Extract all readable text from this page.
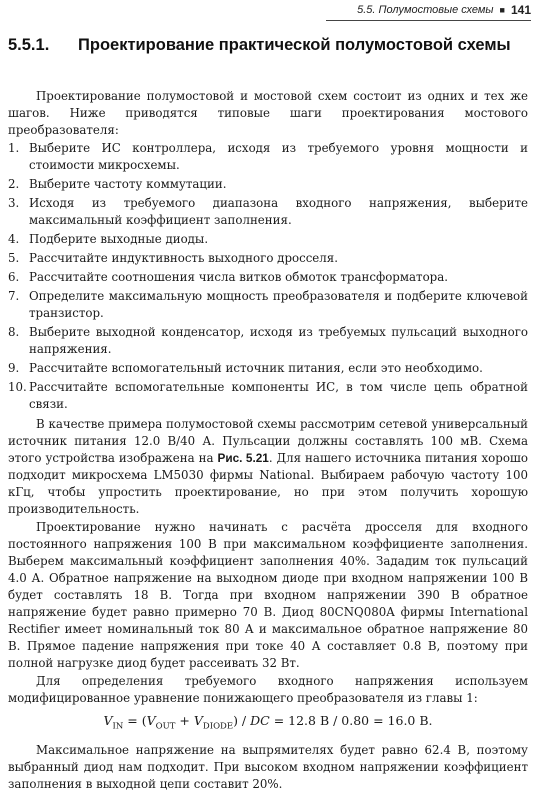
5.5. Полумостовые схемы ■ 141
5.5.1. Проектирование практической полумостовой схемы

Проектирование полумостовой и мостовой схем состоит из одних и тех же шагов. Ниже приводятся типовые шаги проектирования мостового преобразователя:

1. Выберите ИС контроллера, исходя из требуемого уровня мощности и стоимости микросхемы.
2. Выберите частоту коммутации.
3. Исходя из требуемого диапазона входного напряжения, выберите максимальный коэффициент заполнения.
4. Подберите выходные диоды.
5. Рассчитайте индуктивность выходного дросселя.
6. Рассчитайте соотношения числа витков обмоток трансформатора.
7. Определите максимальную мощность преобразователя и подберите ключевой транзистор.
8. Выберите выходной конденсатор, исходя из требуемых пульсаций выходного напряжения.
9. Рассчитайте вспомогательный источник питания, если это необходимо.
10. Рассчитайте вспомогательные компоненты ИС, в том числе цепь обратной связи.

В качестве примера полумостовой схемы рассмотрим сетевой универсальный источник питания 12.0 В/40 А. Пульсации должны составлять 100 мВ. Схема этого устройства изображена на Рис. 5.21. Для нашего источника питания хорошо подходит микросхема LM5030 фирмы National. Выбираем рабочую частоту 100 кГц, чтобы упростить проектирование, но при этом получить хорошую производительность.

Проектирование нужно начинать с расчёта дросселя для входного постоянного напряжения 100 В при максимальном коэффициенте заполнения. Выберем максимальный коэффициент заполнения 40%. Зададим ток пульсаций 4.0 А. Обратное напряжение на выходном диоде при входном напряжении 100 В будет составлять 18 В. Тогда при входном напряжении 390 В обратное напряжение будет равно примерно 70 В. Диод 80CNQ080A фирмы International Rectifier имеет номинальный ток 80 А и максимальное обратное напряжение 80 В. Прямое падение напряжения при токе 40 А составляет 0.8 В, поэтому при полной нагрузке диод будет рассеивать 32 Вт.

Для определения требуемого входного напряжения используем модифицированное уравнение понижающего преобразователя из главы 1:

$V_{IN} = (V_{OUT} + V_{DIODE})$ / DC = 12.8 В / 0.80 = 16.0 В.

Максимальное напряжение на выпрямителях будет равно 62.4 В, поэтому выбранный диод нам подходит. При высоком входном напряжении коэффициент заполнения в выходной цепи составит 20%.
